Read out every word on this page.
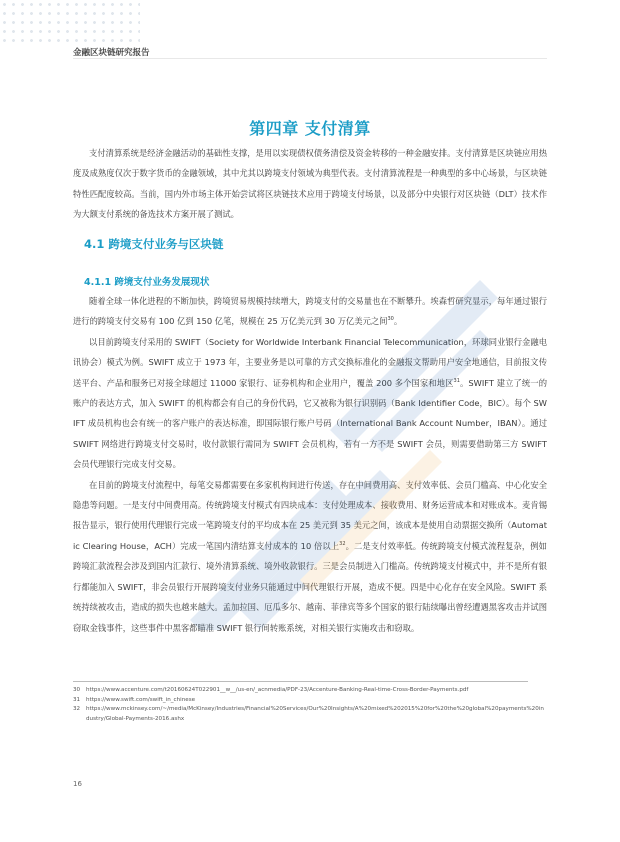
金融区块链研究报告
第四章 支付清算

支付清算系统是经济金融活动的基础性支撑，是用以实现债权债务清偿及资金转移的一种金融安排。支付清算是区块链应用热度及成熟度仅次于数字货币的金融领域，其中尤其以跨境支付领域为典型代表。支付清算流程是一种典型的多中心场景，与区块链特性匹配度较高。当前，国内外市场主体开始尝试将区块链技术应用于跨境支付场景，以及部分中央银行对区块链（DLT）技术作为大额支付系统的备选技术方案开展了测试。

4.1 跨境支付业务与区块链
4.1.1 跨境支付业务发展现状

随着全球一体化进程的不断加快，跨境贸易规模持续增大，跨境支付的交易量也在不断攀升。埃森哲研究显示，每年通过银行进行的跨境支付交易有 100 亿到 150 亿笔，规模在 25 万亿美元到 30 万亿美元之间$^{30}$。

以目前跨境支付采用的 SWIFT（Society for Worldwide Interbank Financial Telecommunication，环球同业银行金融电讯协会）模式为例。SWIFT 成立于 1973 年，主要业务是以可靠的方式交换标准化的金融报文帮助用户安全地通信，目前报文传送平台、产品和服务已对接全球超过 11000 家银行、证券机构和企业用户，覆盖 200 多个国家和地区$^{31}$。SWIFT 建立了统一的账户的表达方式，加入 SWIFT 的机构都会有自己的身份代码，它又被称为银行识别码（Bank Identifier Code，BIC）。每个 SWIFT 成员机构也会有统一的客户账户的表达标准，即国际银行账户号码（International Bank Account Number，IBAN）。通过 SWIFT 网络进行跨境支付交易时，收付款银行需同为 SWIFT 会员机构，若有一方不是 SWIFT 会员，则需要借助第三方 SWIFT 会员代理银行完成支付交易。

在目前的跨境支付流程中，每笔交易都需要在多家机构间进行传送，存在中间费用高、支付效率低、会员门槛高、中心化安全隐患等问题。一是支付中间费用高。传统跨境支付模式有四块成本：支付处理成本、接收费用、财务运营成本和对账成本。麦肯锡报告显示，银行使用代理银行完成一笔跨境支付的平均成本在 25 美元到 35 美元之间，该成本是使用自动票据交换所（Automatic Clearing House，ACH）完成一笔国内清结算支付成本的 10 倍以上$^{32}$。二是支付效率低。传统跨境支付模式流程复杂，例如跨境汇款流程会涉及到国内汇款行、境外清算系统、境外收款银行。三是会员制进入门槛高。传统跨境支付模式中，并不是所有银行都能加入 SWIFT，非会员银行开展跨境支付业务只能通过中间代理银行开展，造成不便。四是中心化存在安全风险。SWIFT 系统持续被攻击，造成的损失也越来越大。孟加拉国、厄瓜多尔、越南、菲律宾等多个国家的银行陆续曝出曾经遭遇黑客攻击并试图窃取金钱事件，这些事件中黑客都瞄准 SWIFT 银行间转账系统，对相关银行实施攻击和窃取。

30	https://www.accenture.com/t20160624T022901__w__/us-en/_acnmedia/PDF-23/Accenture-Banking-Real-time-Cross-Border-Payments.pdf
31	https://www.swift.com/swift_in_chinese
32	https://www.mckinsey.com/~/media/McKinsey/Industries/Financial%20Services/Our%20Insights/A%20mixed%202015%20for%20the%20global%20payments%20industry/Global-Payments-2016.ashx
16
